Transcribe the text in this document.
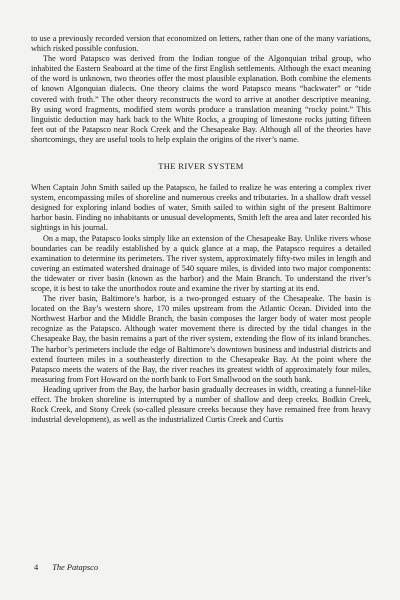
to use a previously recorded version that economized on letters, rather than one of the many variations, which risked possible confusion.

The word Patapsco was derived from the Indian tongue of the Algonquian tribal group, who inhabited the Eastern Seaboard at the time of the first English settlements. Although the exact meaning of the word is unknown, two theories offer the most plausible explanation. Both combine the elements of known Algonquian dialects. One theory claims the word Patapsco means “backwater” or “tide covered with froth.” The other theory reconstructs the word to arrive at another descriptive meaning. By using word fragments, modified stem words produce a translation meaning “rocky point.” This linguistic deduction may hark back to the White Rocks, a grouping of limestone rocks jutting fifteen feet out of the Patapsco near Rock Creek and the Chesapeake Bay. Although all of the theories have shortcomings, they are useful tools to help explain the origins of the river’s name.

THE RIVER SYSTEM

When Captain John Smith sailed up the Patapsco, he failed to realize he was entering a complex river system, encompassing miles of shoreline and numerous creeks and tributaries. In a shallow draft vessel designed for exploring inland bodies of water, Smith sailed to within sight of the present Baltimore harbor basin. Finding no inhabitants or unusual developments, Smith left the area and later recorded his sightings in his journal.

On a map, the Patapsco looks simply like an extension of the Chesapeake Bay. Unlike rivers whose boundaries can be readily established by a quick glance at a map, the Patapsco requires a detailed examination to determine its perimeters. The river system, approximately fifty-two miles in length and covering an estimated watershed drainage of 540 square miles, is divided into two major components: the tidewater or river basin (known as the harbor) and the Main Branch. To understand the river’s scope, it is best to take the unorthodox route and examine the river by starting at its end.

The river basin, Baltimore’s harbor, is a two-pronged estuary of the Chesapeake. The basin is located on the Bay’s western shore, 170 miles upstream from the Atlantic Ocean. Divided into the Northwest Harbor and the Middle Branch, the basin composes the larger body of water most people recognize as the Patapsco. Although water movement there is directed by the tidal changes in the Chesapeake Bay, the basin remains a part of the river system, extending the flow of its inland branches. The harbor’s perimeters include the edge of Baltimore’s downtown business and industrial districts and extend fourteen miles in a southeasterly direction to the Chesapeake Bay. At the point where the Patapsco meets the waters of the Bay, the river reaches its greatest width of approximately four miles, measuring from Fort Howard on the north bank to Fort Smallwood on the south bank.

Heading upriver from the Bay, the harbor basin gradually decreases in width, creating a funnel-like effect. The broken shoreline is interrupted by a number of shallow and deep creeks. Bodkin Creek, Rock Creek, and Stony Creek (so-called pleasure creeks because they have remained free from heavy industrial development), as well as the industrialized Curtis Creek and Curtis

4 The Patapsco
